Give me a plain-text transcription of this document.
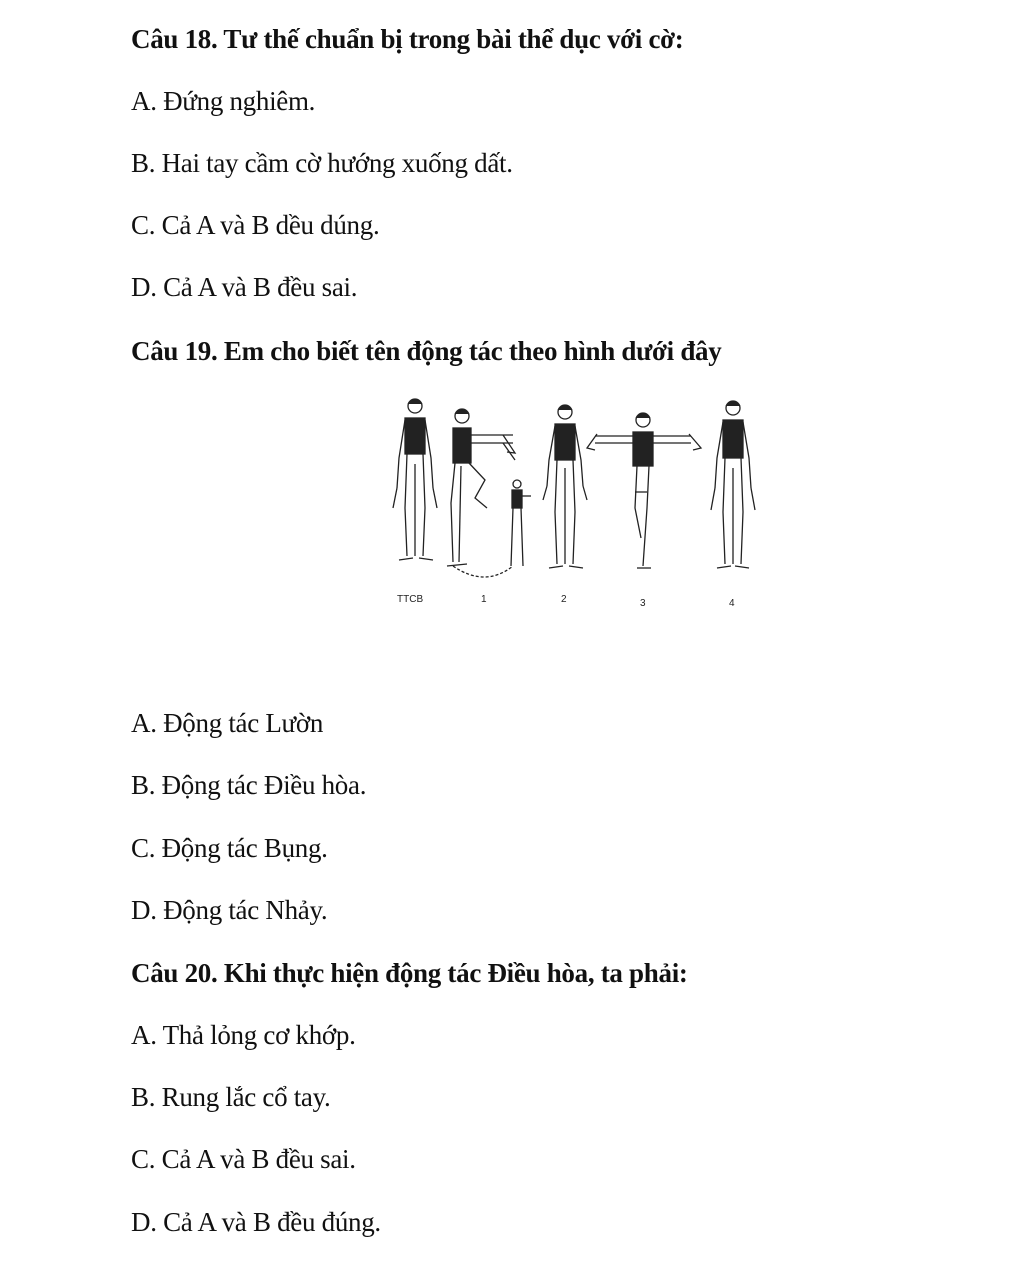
Câu 18. Tư thế chuẩn bị trong bài thể dục với cờ:
A. Đứng nghiêm.
B. Hai tay cầm cờ hướng xuống dất.
C. Cả A và B dều dúng.
D. Cả A và B đều sai.
Câu 19. Em cho biết tên động tác theo hình dưới đây
TTCB	1	2	3	4
A. Động tác Lườn
B. Động tác Điều hòa.
C. Động tác Bụng.
D. Động tác Nhảy.
Câu 20. Khi thực hiện động tác Điều hòa, ta phải:
A. Thả lỏng cơ khớp.
B. Rung lắc cổ tay.
C. Cả A và B đều sai.
D. Cả A và B đều đúng.
